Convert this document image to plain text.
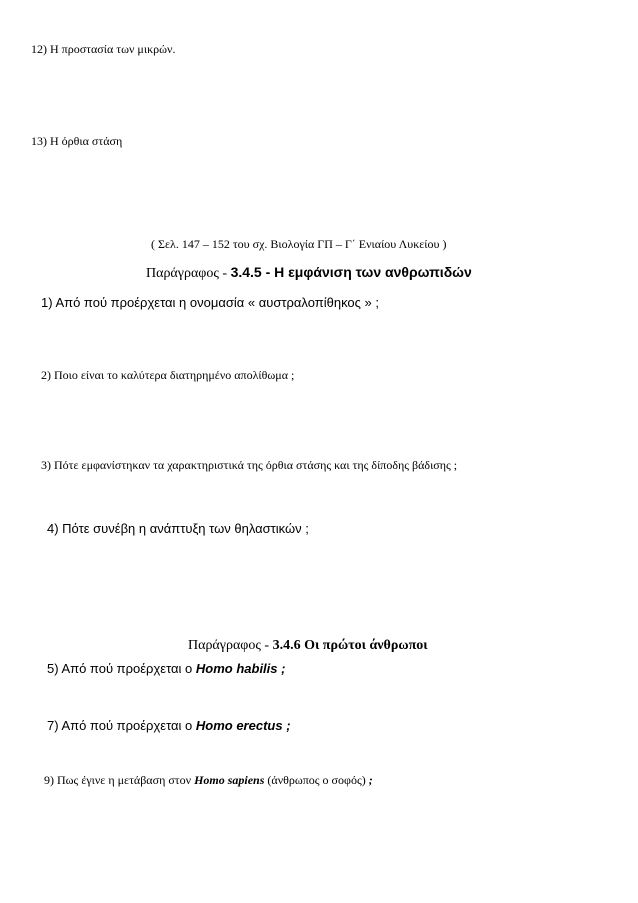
12) Η προστασία των μικρών.
13) Η όρθια στάση
( Σελ. 147 – 152 του σχ. Βιολογία ΓΠ – Γ΄ Ενιαίου Λυκείου )
Παράγραφος - 3.4.5 - Η εμφάνιση των ανθρωπιδών
1) Από πού προέρχεται η ονομασία « αυστραλοπίθηκος » ;
2) Ποιο είναι το καλύτερα διατηρημένο απολίθωμα ;
3) Πότε εμφανίστηκαν τα χαρακτηριστικά της όρθια στάσης και της δίποδης βάδισης ;
4) Πότε συνέβη η ανάπτυξη των θηλαστικών ;
Παράγραφος - 3.4.6 Οι πρώτοι άνθρωποι
5) Από πού προέρχεται ο Homo habilis ;
7) Από πού προέρχεται ο Homo erectus ;
9) Πως έγινε η μετάβαση στον Homo sapiens (άνθρωπος ο σοφός) ;
